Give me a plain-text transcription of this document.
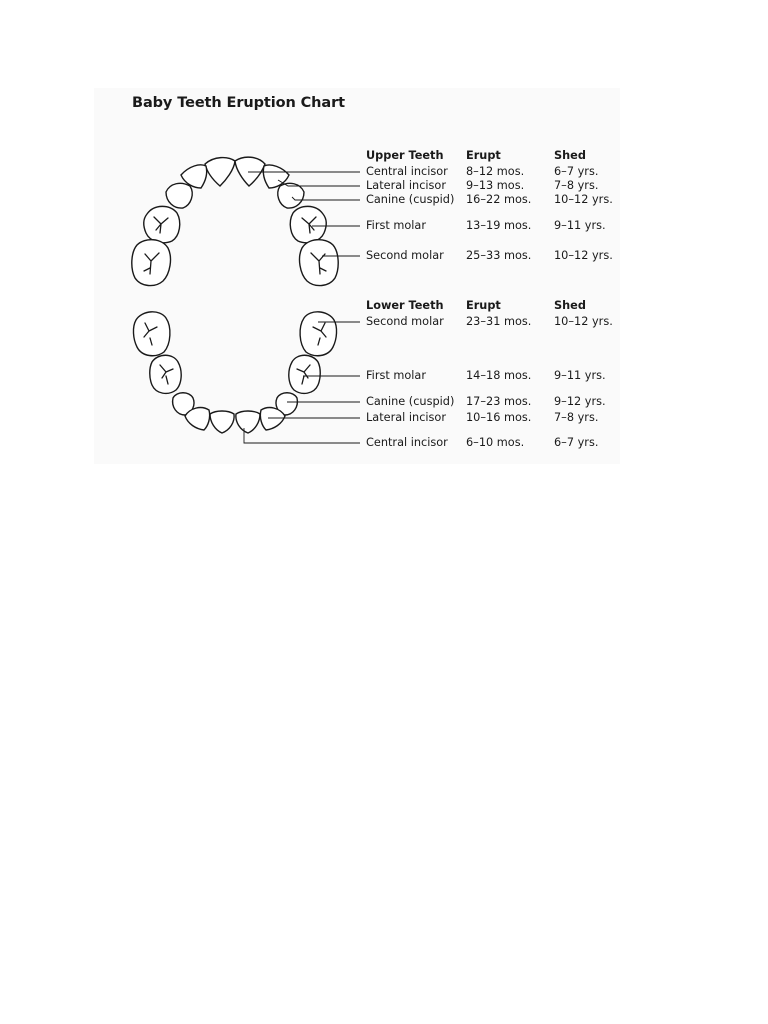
Baby Teeth Eruption Chart
Upper Teeth Erupt	Shed
Central incisor 8–12 mos.	6–7 yrs.
Lateral incisor 9–13 mos.	7–8 yrs.
Canine (cuspid) 16–22 mos. 10–12 yrs.
First molar	13–19 mos. 9–11 yrs.
Second molar 25–33 mos. 10–12 yrs.
Lower Teeth Erupt	Shed
Second molar 23–31 mos. 10–12 yrs.
First molar	14–18 mos. 9–11 yrs.
Canine (cuspid) 17–23 mos. 9–12 yrs.
Lateral incisor 10–16 mos. 7–8 yrs.
Central incisor 6–10 mos.	6–7 yrs.
